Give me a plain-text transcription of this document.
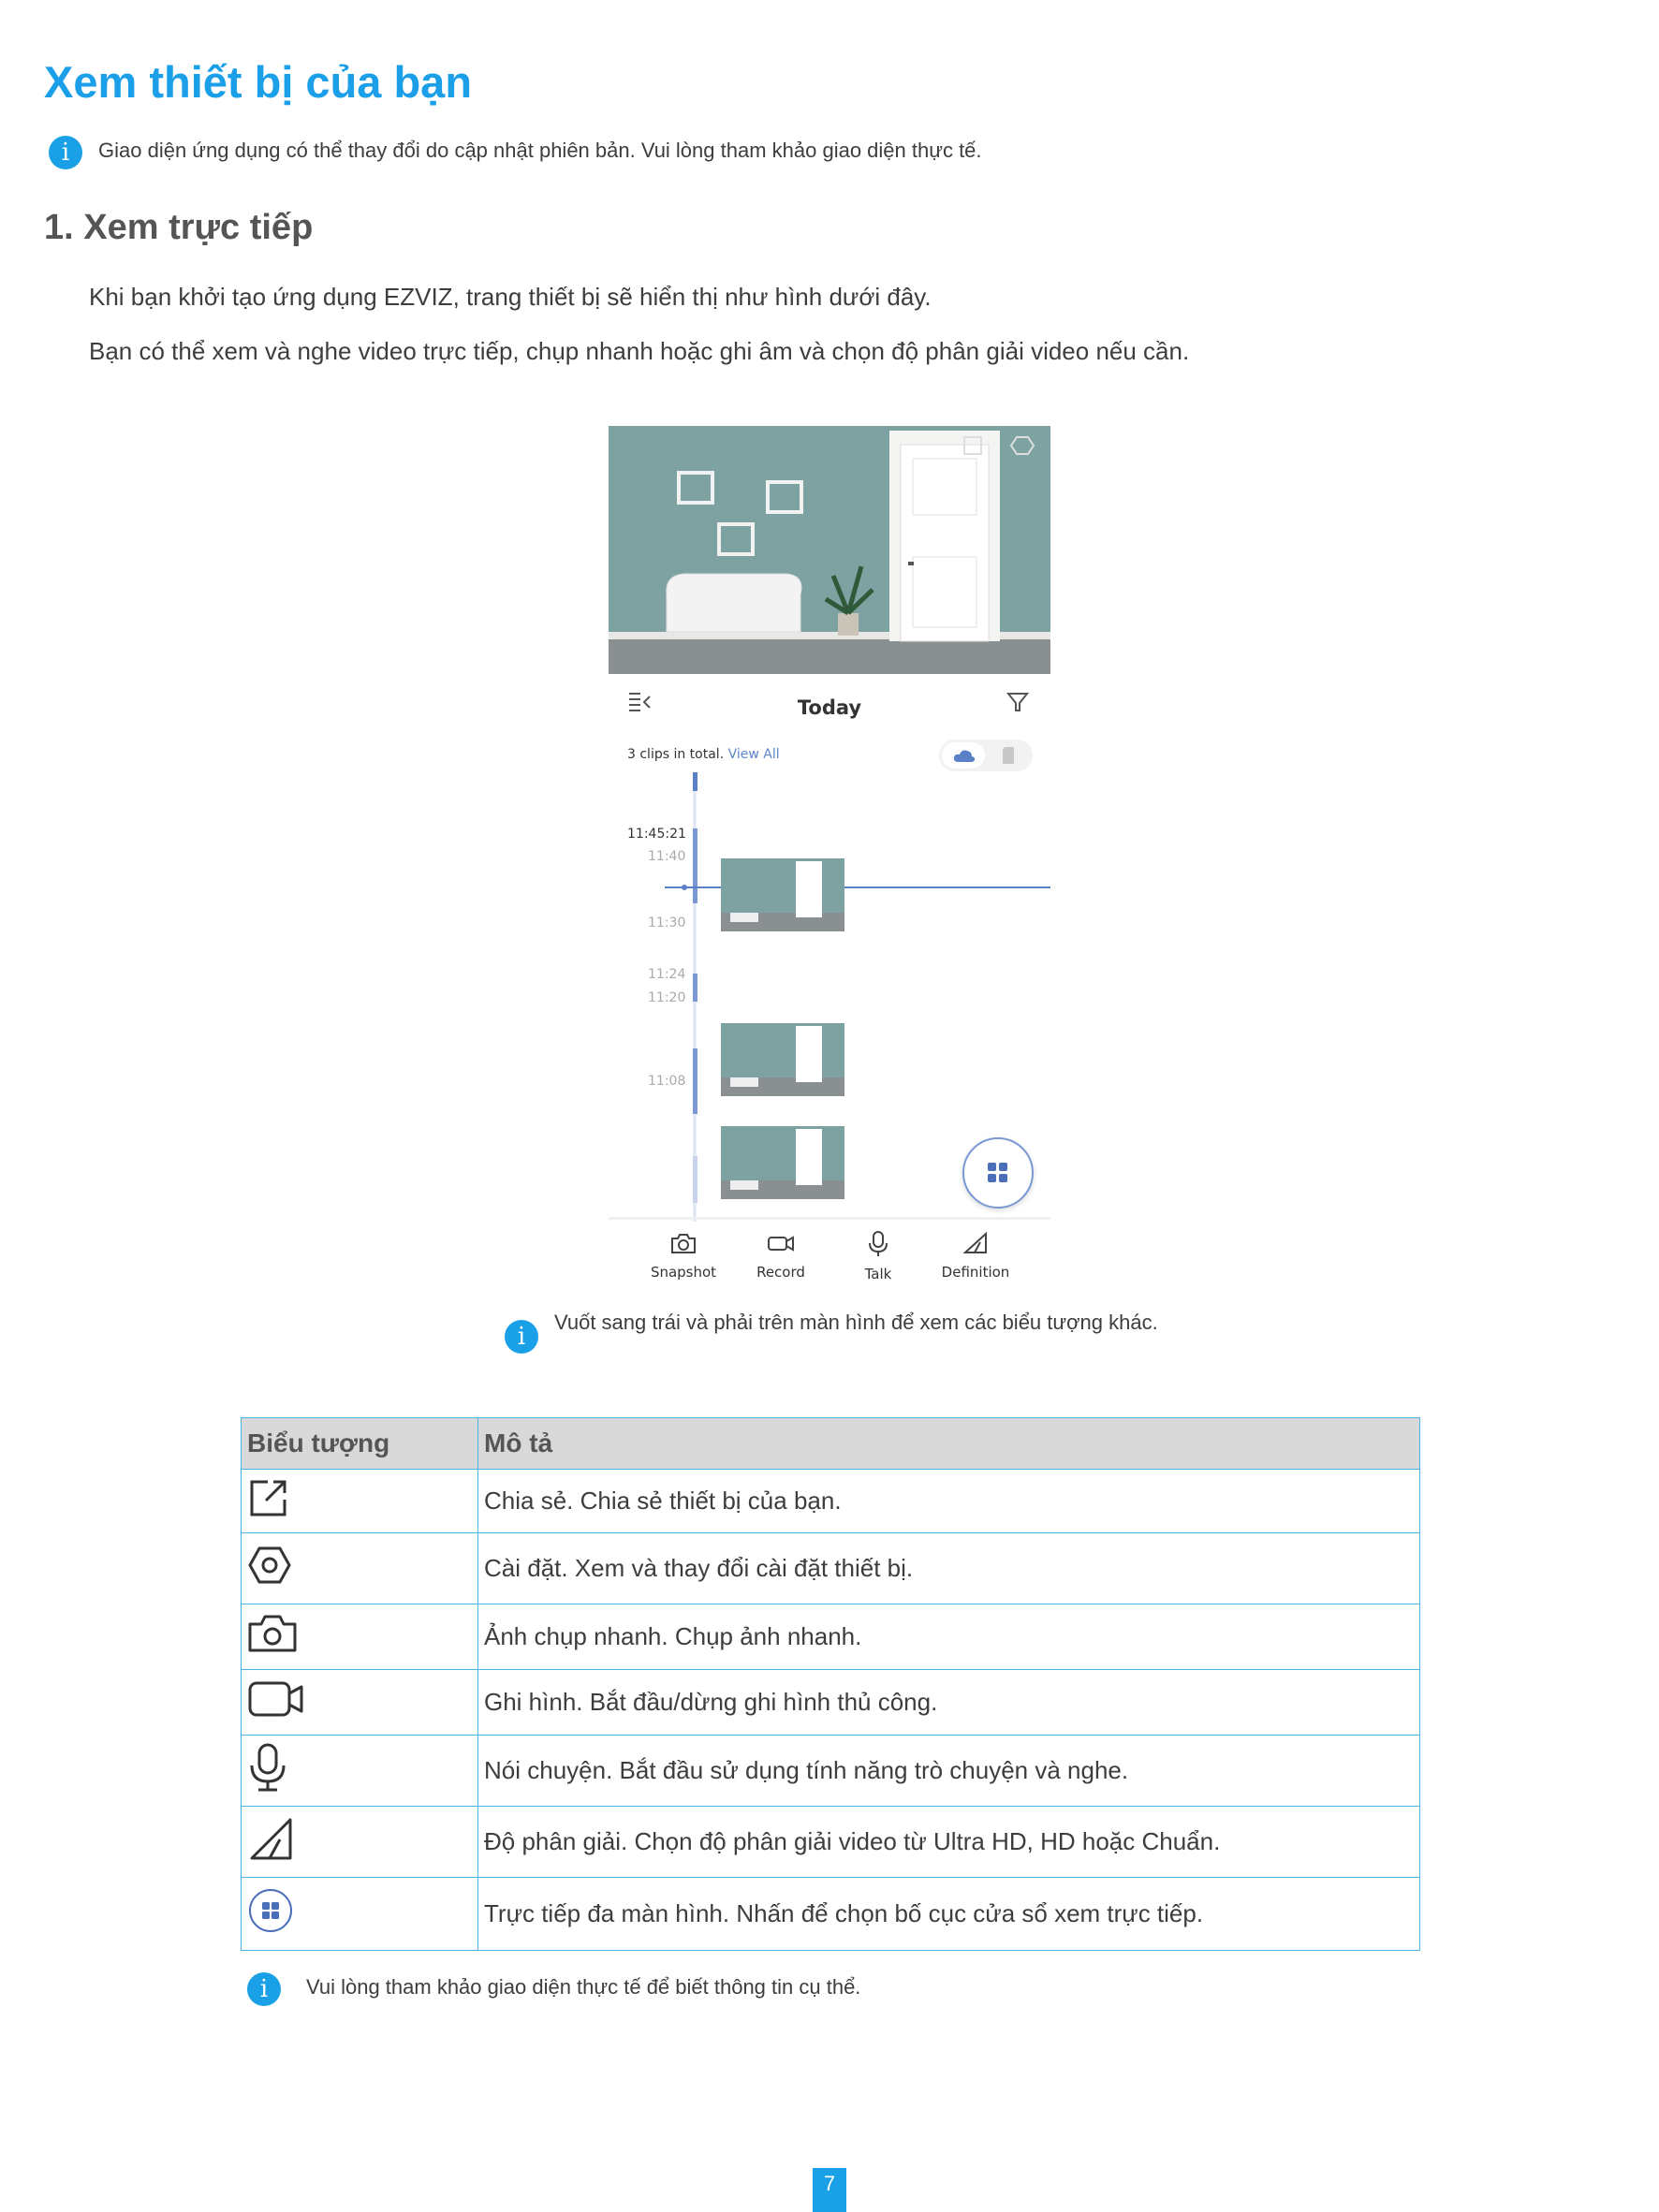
Xem thiết bị của bạn
i	Giao diện ứng dụng có thể thay đổi do cập nhật phiên bản. Vui lòng tham khảo giao diện thực tế.
1. Xem trực tiếp
Khi bạn khởi tạo ứng dụng EZVIZ, trang thiết bị sẽ hiển thị như hình dưới đây.
Bạn có thể xem và nghe video trực tiếp, chụp nhanh hoặc ghi âm và chọn độ phân giải video nếu cần.
Today
3 clips in total. View All
11:45:21
11:40
11:30
11:24
11:20
11:08
Snapshot	Record	Talk	Definition
i
Vuốt sang trái và phải trên màn hình để xem các biểu tượng khác.
Biểu tượng	Mô tả
	Chia sẻ. Chia sẻ thiết bị của bạn.
	Cài đặt. Xem và thay đổi cài đặt thiết bị.
	Ảnh chụp nhanh. Chụp ảnh nhanh.
	Ghi hình. Bắt đầu/dừng ghi hình thủ công.
	Nói chuyện. Bắt đầu sử dụng tính năng trò chuyện và nghe.
	Độ phân giải. Chọn độ phân giải video từ Ultra HD, HD hoặc Chuẩn.
	Trực tiếp đa màn hình. Nhấn để chọn bố cục cửa sổ xem trực tiếp.
i	Vui lòng tham khảo giao diện thực tế để biết thông tin cụ thể.
7
